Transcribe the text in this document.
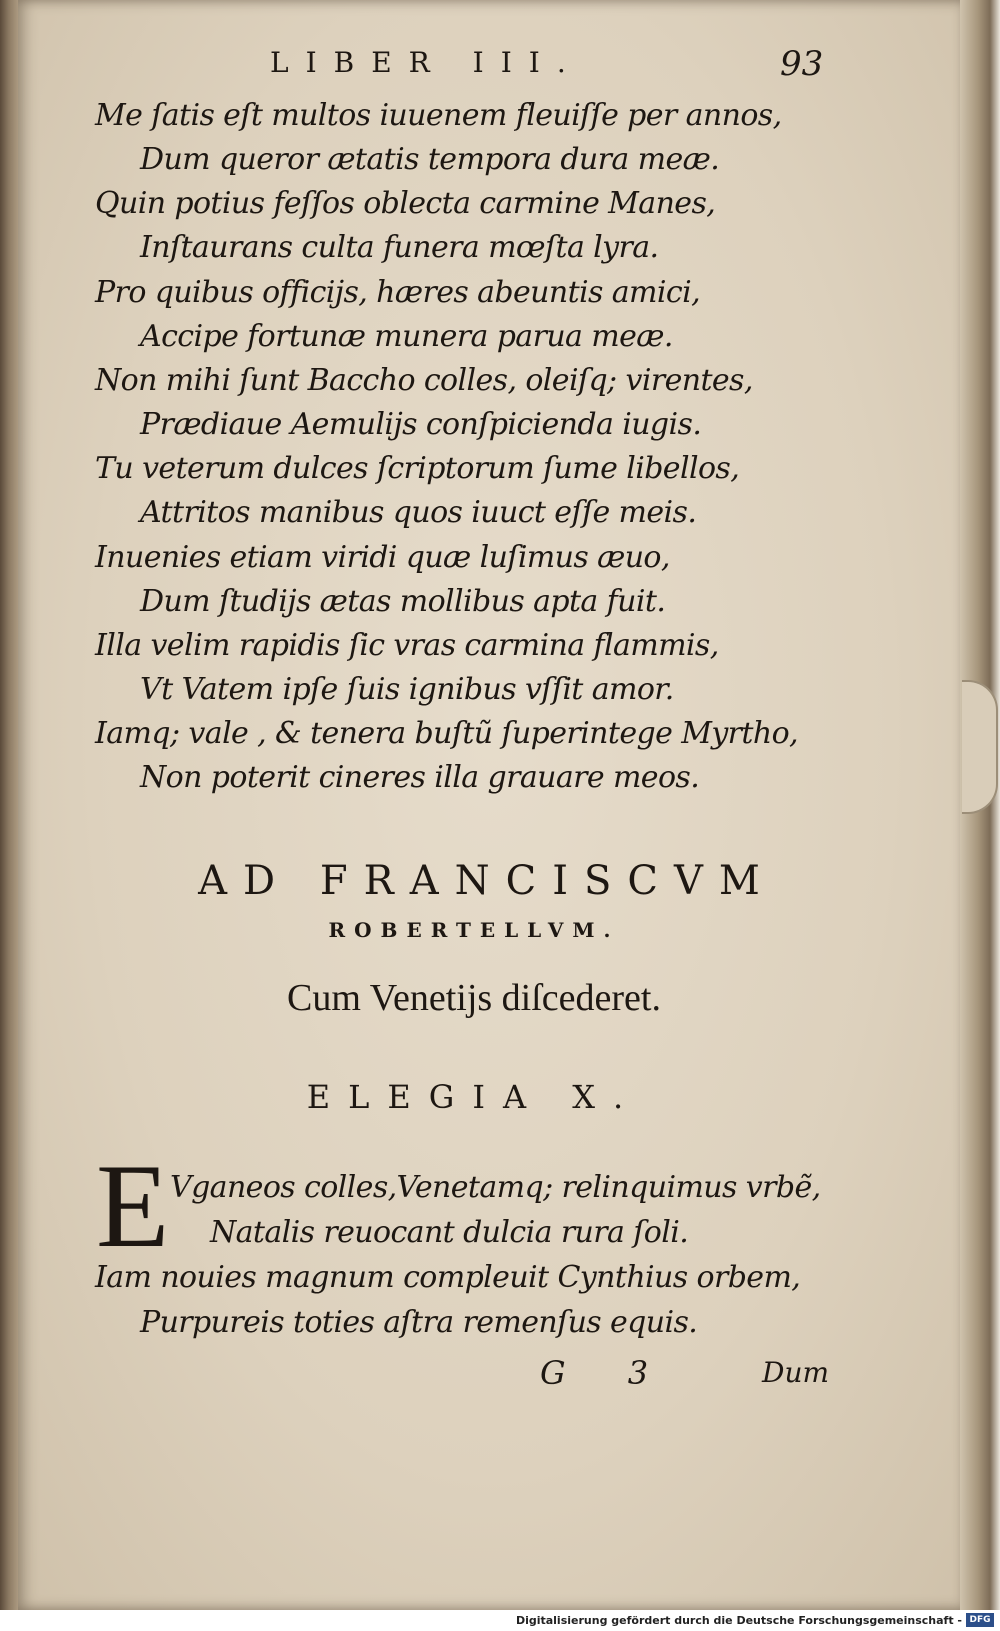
LIBER III.	93
Me ſatis eſt multos iuuenem fleuiſſe per annos,
Dum queror ætatis tempora dura meæ.
Quin potius feſſos oblecta carmine Manes,
Inſtaurans culta funera mœſta lyra.
Pro quibus officijs, hæres abeuntis amici,
Accipe fortunæ munera parua meæ.
Non mihi ſunt Baccho colles, oleiſq; virentes,
Prædiaue Aemulijs conſpicienda iugis.
Tu veterum dulces ſcriptorum ſume libellos,
Attritos manibus quos iuuct eſſe meis.
Inuenies etiam viridi quæ luſimus æuo,
Dum ſtudijs ætas mollibus apta fuit.
Illa velim rapidis ſic vras carmina flammis,
Vt Vatem ipſe ſuis ignibus vſſit amor.
Iamq; vale , & tenera buſtũ ſuperintege Myrtho,
Non poterit cineres illa grauare meos.
AD FRANCISCVM
ROBERTELLVM.
Cum Venetijs diſcederet.
ELEGIA X.
E Vganeos colles,Venetamq; relinquimus vrbẽ,
Natalis reuocant dulcia rura ſoli.
Iam nouies magnum compleuit Cynthius orbem,
Purpureis toties aſtra remenſus equis.
G 3	Dum
Digitalisierung gefördert durch die Deutsche Forschungsgemeinschaft - DFG
